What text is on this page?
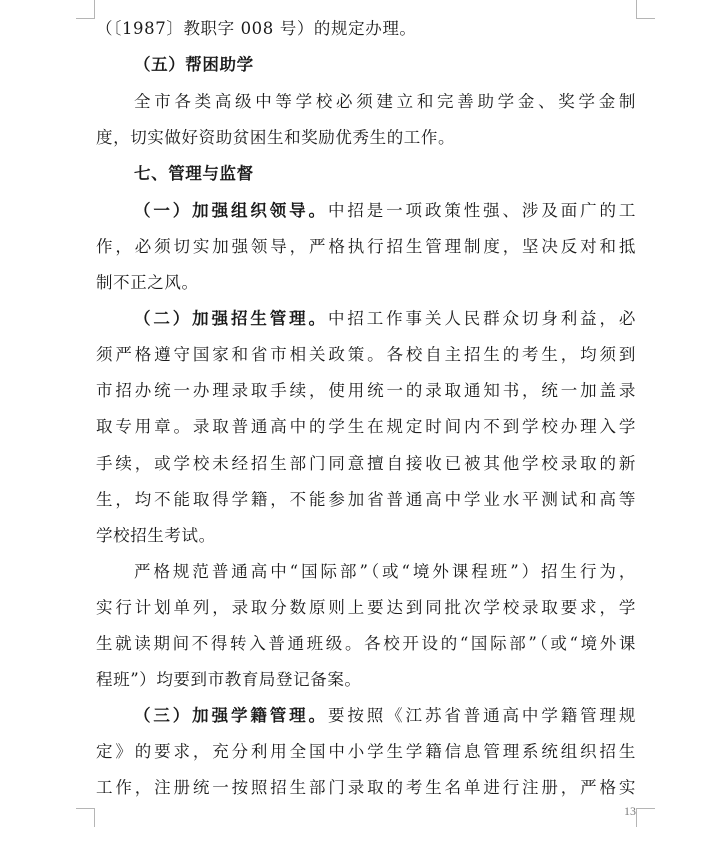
（〔1987〕教职字 008 号）的规定办理。
（五）帮困助学
全市各类高级中等学校必须建立和完善助学金、奖学金制
度，切实做好资助贫困生和奖励优秀生的工作。
七、管理与监督
（一）加强组织领导。中招是一项政策性强、涉及面广的工
作，必须切实加强领导，严格执行招生管理制度，坚决反对和抵
制不正之风。
（二）加强招生管理。中招工作事关人民群众切身利益，必
须严格遵守国家和省市相关政策。各校自主招生的考生，均须到
市招办统一办理录取手续，使用统一的录取通知书，统一加盖录
取专用章。录取普通高中的学生在规定时间内不到学校办理入学
手续，或学校未经招生部门同意擅自接收已被其他学校录取的新
生，均不能取得学籍，不能参加省普通高中学业水平测试和高等
学校招生考试。
严格规范普通高中“国际部”（或“境外课程班”）招生行为，
实行计划单列，录取分数原则上要达到同批次学校录取要求，学
生就读期间不得转入普通班级。各校开设的“国际部”（或“境外课
程班”）均要到市教育局登记备案。
（三）加强学籍管理。要按照《江苏省普通高中学籍管理规
定》的要求，充分利用全国中小学生学籍信息管理系统组织招生
工作，注册统一按照招生部门录取的考生名单进行注册，严格实
13
